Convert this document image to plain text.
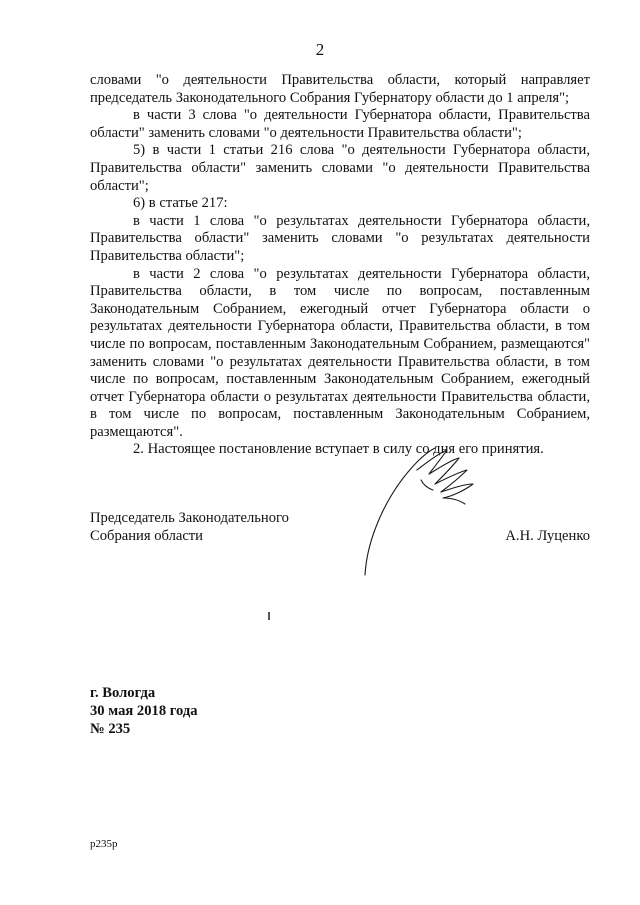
2

словами "о деятельности Правительства области, который направляет председатель Законодательного Собрания Губернатору области до 1 апреля";

в части 3 слова "о деятельности Губернатора области, Правительства области" заменить словами "о деятельности Правительства области";

5) в части 1 статьи 216 слова "о деятельности Губернатора области, Правительства области" заменить словами "о деятельности Правительства области";

6) в статье 217:

в части 1 слова "о результатах деятельности Губернатора области, Правительства области" заменить словами "о результатах деятельности Правительства области";

в части 2 слова "о результатах деятельности Губернатора области, Правительства области, в том числе по вопросам, поставленным Законодательным Собранием, ежегодный отчет Губернатора области о результатах деятельности Губернатора области, Правительства области, в том числе по вопросам, поставленным Законодательным Собранием, размещаются" заменить словами "о результатах деятельности Правительства области, в том числе по вопросам, поставленным Законодательным Собранием, ежегодный отчет Губернатора области о результатах деятельности Правительства области, в том числе по вопросам, поставленным Законодательным Собранием, размещаются".

2. Настоящее постановление вступает в силу со дня его принятия.

Председатель Законодательного
Собрания области	А.Н. Луценко
г. Вологда
30 мая 2018 года
№ 235
р235р
